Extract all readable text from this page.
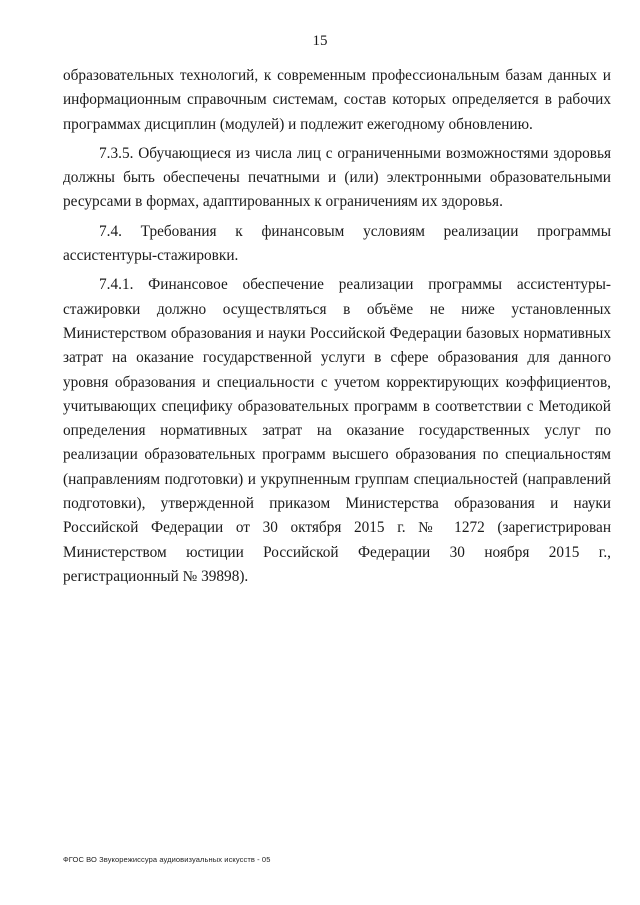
15

образовательных технологий, к современным профессиональным базам данных и информационным справочным системам, состав которых определяется в рабочих программах дисциплин (модулей) и подлежит ежегодному обновлению.

7.3.5. Обучающиеся из числа лиц с ограниченными возможностями здоровья должны быть обеспечены печатными и (или) электронными образовательными ресурсами в формах, адаптированных к ограничениям их здоровья.

7.4. Требования к финансовым условиям реализации программы ассистентуры-стажировки.

7.4.1. Финансовое обеспечение реализации программы ассистентуры-стажировки должно осуществляться в объёме не ниже установленных Министерством образования и науки Российской Федерации базовых нормативных затрат на оказание государственной услуги в сфере образования для данного уровня образования и специальности с учетом корректирующих коэффициентов, учитывающих специфику образовательных программ в соответствии с Методикой определения нормативных затрат на оказание государственных услуг по реализации образовательных программ высшего образования по специальностям (направлениям подготовки) и укрупненным группам специальностей (направлений подготовки), утвержденной приказом Министерства образования и науки Российской Федерации от 30 октября 2015 г. № 1272 (зарегистрирован Министерством юстиции Российской Федерации 30 ноября 2015 г., регистрационный № 39898).

ФГОС ВО Звукорежиссура аудиовизуальных искусств - 05
